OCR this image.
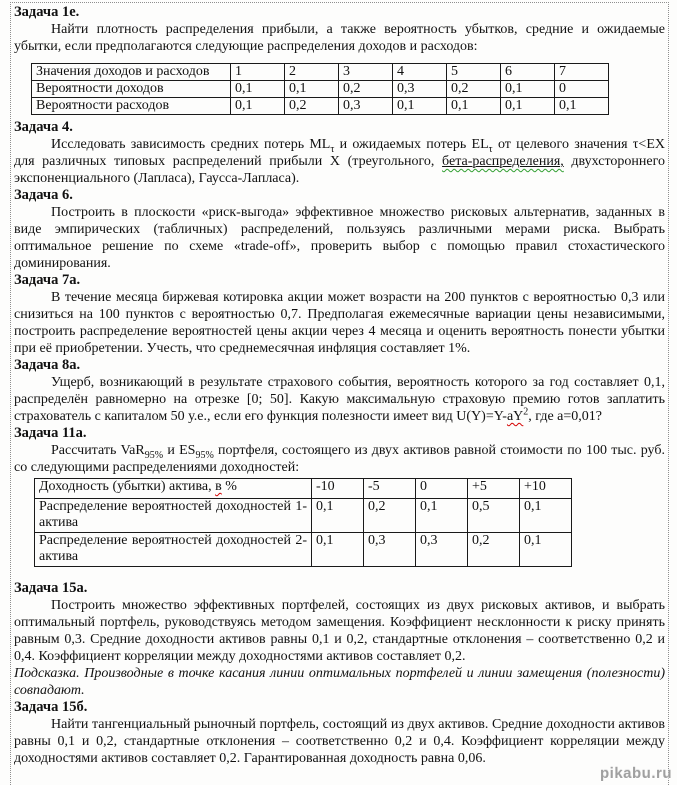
Задача 1е.

Найти плотность распределения прибыли, а также вероятность убытков, средние и ожидаемые убытки, если предполагаются следующие распределения доходов и расходов:

Значения доходов и расходов	1	2	3	4	5	6	7
Вероятности доходов	0,1	0,1	0,2	0,3	0,2	0,1	0
Вероятности расходов	0,1	0,2	0,3	0,1	0,1	0,1	0,1
Задача 4.

Исследовать зависимость средних потерь $ML_\tau$ и ожидаемых потерь $EL_\tau$ от целевого значения τ<EX для различных типовых распределений прибыли X (треугольного, бета-распределения, двухстороннего экспоненциального (Лапласа), Гаусса-Лапласа).

Задача 6.

Построить в плоскости «риск-выгода» эффективное множество рисковых альтернатив, заданных в виде эмпирических (табличных) распределений, пользуясь различными мерами риска. Выбрать оптимальное решение по схеме «trade-off», проверить выбор с помощью правил стохастического доминирования.

Задача 7а.

В течение месяца биржевая котировка акции может возрасти на 200 пунктов с вероятностью 0,3 или снизиться на 100 пунктов с вероятностью 0,7. Предполагая ежемесячные вариации цены независимыми, построить распределение вероятностей цены акции через 4 месяца и оценить вероятность понести убытки при её приобретении. Учесть, что среднемесячная инфляция составляет 1%.

Задача 8а.

Ущерб, возникающий в результате страхового события, вероятность которого за год составляет 0,1, распределён равномерно на отрезке [0; 50]. Какую максимальную страховую премию готов заплатить страхователь с капиталом 50 у.е., если его функция полезности имеет вид $U(Y)=Y-aY^2$, где a=0,01?

Задача 11а.

Рассчитать VaR$_{95\%}$ и $ES_{95\%}$ портфеля, состоящего из двух активов равной стоимости по 100 тыс. руб. со следующими распределениями доходностей:

Доходность (убытки) актива, в %	-10	-5	0	+5	+10
Распределение вероятностей доходностей 1-актива	0,1	0,2	0,1	0,5	0,1
Распределение вероятностей доходностей 2-актива	0,1	0,3	0,3	0,2	0,1
Задача 15а.

Построить множество эффективных портфелей, состоящих из двух рисковых активов, и выбрать оптимальный портфель, руководствуясь методом замещения. Коэффициент несклонности к риску принять равным 0,3. Средние доходности активов равны 0,1 и 0,2, стандартные отклонения – соответственно 0,2 и 0,4. Коэффициент корреляции между доходностями активов составляет 0,2.

Подсказка. Производные в точке касания линии оптимальных портфелей и линии замещения (полезности) совпадают.

Задача 15б.

Найти тангенциальный рыночный портфель, состоящий из двух активов. Средние доходности активов равны 0,1 и 0,2, стандартные отклонения – соответственно 0,2 и 0,4. Коэффициент корреляции между доходностями активов составляет 0,2. Гарантированная доходность равна 0,06.

pikabu.ru
